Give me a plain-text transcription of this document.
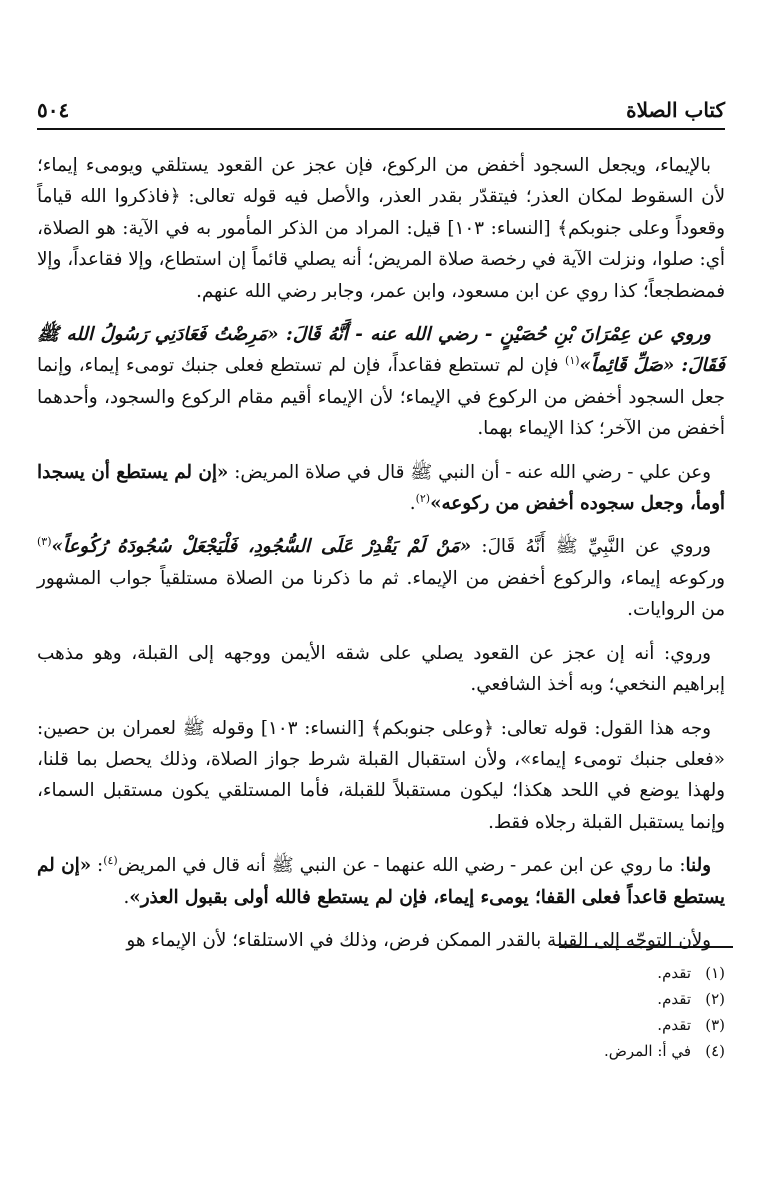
كتاب الصلاة
٥٠٤

بالإيماء، ويجعل السجود أخفض من الركوع، فإن عجز عن القعود يستلقي ويومىء إيماء؛ لأن السقوط لمكان العذر؛ فيتقدّر بقدر العذر، والأصل فيه قوله تعالى: ﴿فاذكروا الله قياماً وقعوداً وعلى جنوبكم﴾ [النساء: ١٠٣] قيل: المراد من الذكر المأمور به في الآية: هو الصلاة، أي: صلوا، ونزلت الآية في رخصة صلاة المريض؛ أنه يصلي قائماً إن استطاع، وإلا فقاعداً، وإلا فمضطجعاً؛ كذا روي عن ابن مسعود، وابن عمر، وجابر رضي الله عنهم.

وروي عن عِمْرَانَ بْنِ حُصَيْنٍ - رضي الله عنه - أَنَّهُ قَالَ: «مَرِضْتُ فَعَادَنِي رَسُولُ الله ﷺ فَقَالَ: «صَلِّ قَائِماً»$^{(١)}$ فإن لم تستطع فقاعداً، فإن لم تستطع فعلى جنبك تومىء إيماء، وإنما جعل السجود أخفض من الركوع في الإيماء؛ لأن الإيماء أقيم مقام الركوع والسجود، وأحدهما أخفض من الآخر؛ كذا الإيماء بهما.

وعن علي - رضي الله عنه - أن النبي ﷺ قال في صلاة المريض: «إن لم يستطع أن يسجدا أومأ، وجعل سجوده أخفض من ركوعه»$^{(٢)}$.

وروي عن النَّبِيِّ ﷺ أَنَّهُ قَالَ: «مَنْ لَمْ يَقْدِرْ عَلَى السُّجُودِ، فَلْيَجْعَلْ سُجُودَهُ رُكُوعاً»$^{(٣)}$ وركوعه إيماء، والركوع أخفض من الإيماء. ثم ما ذكرنا من الصلاة مستلقياً جواب المشهور من الروايات.

وروي: أنه إن عجز عن القعود يصلي على شقه الأيمن ووجهه إلى القبلة، وهو مذهب إبراهيم النخعي؛ وبه أخذ الشافعي.

وجه هذا القول: قوله تعالى: ﴿وعلى جنوبكم﴾ [النساء: ١٠٣] وقوله ﷺ لعمران بن حصين: «فعلى جنبك تومىء إيماء»، ولأن استقبال القبلة شرط جواز الصلاة، وذلك يحصل بما قلنا، ولهذا يوضع في اللحد هكذا؛ ليكون مستقبلاً للقبلة، فأما المستلقي يكون مستقبل السماء، وإنما يستقبل القبلة رجلاه فقط.

ولنا: ما روي عن ابن عمر - رضي الله عنهما - عن النبي ﷺ أنه قال في المريض$^{(٤)}$: «إن لم يستطع قاعداً فعلى القفا؛ يومىء إيماء، فإن لم يستطع فالله أولى بقبول العذر».

ولأن التوجّه إلى القبلة بالقدر الممكن فرض، وذلك في الاستلقاء؛ لأن الإيماء هو

(١)تقدم.
(٢)تقدم.
(٣)تقدم.
(٤)في أ: المرض.
